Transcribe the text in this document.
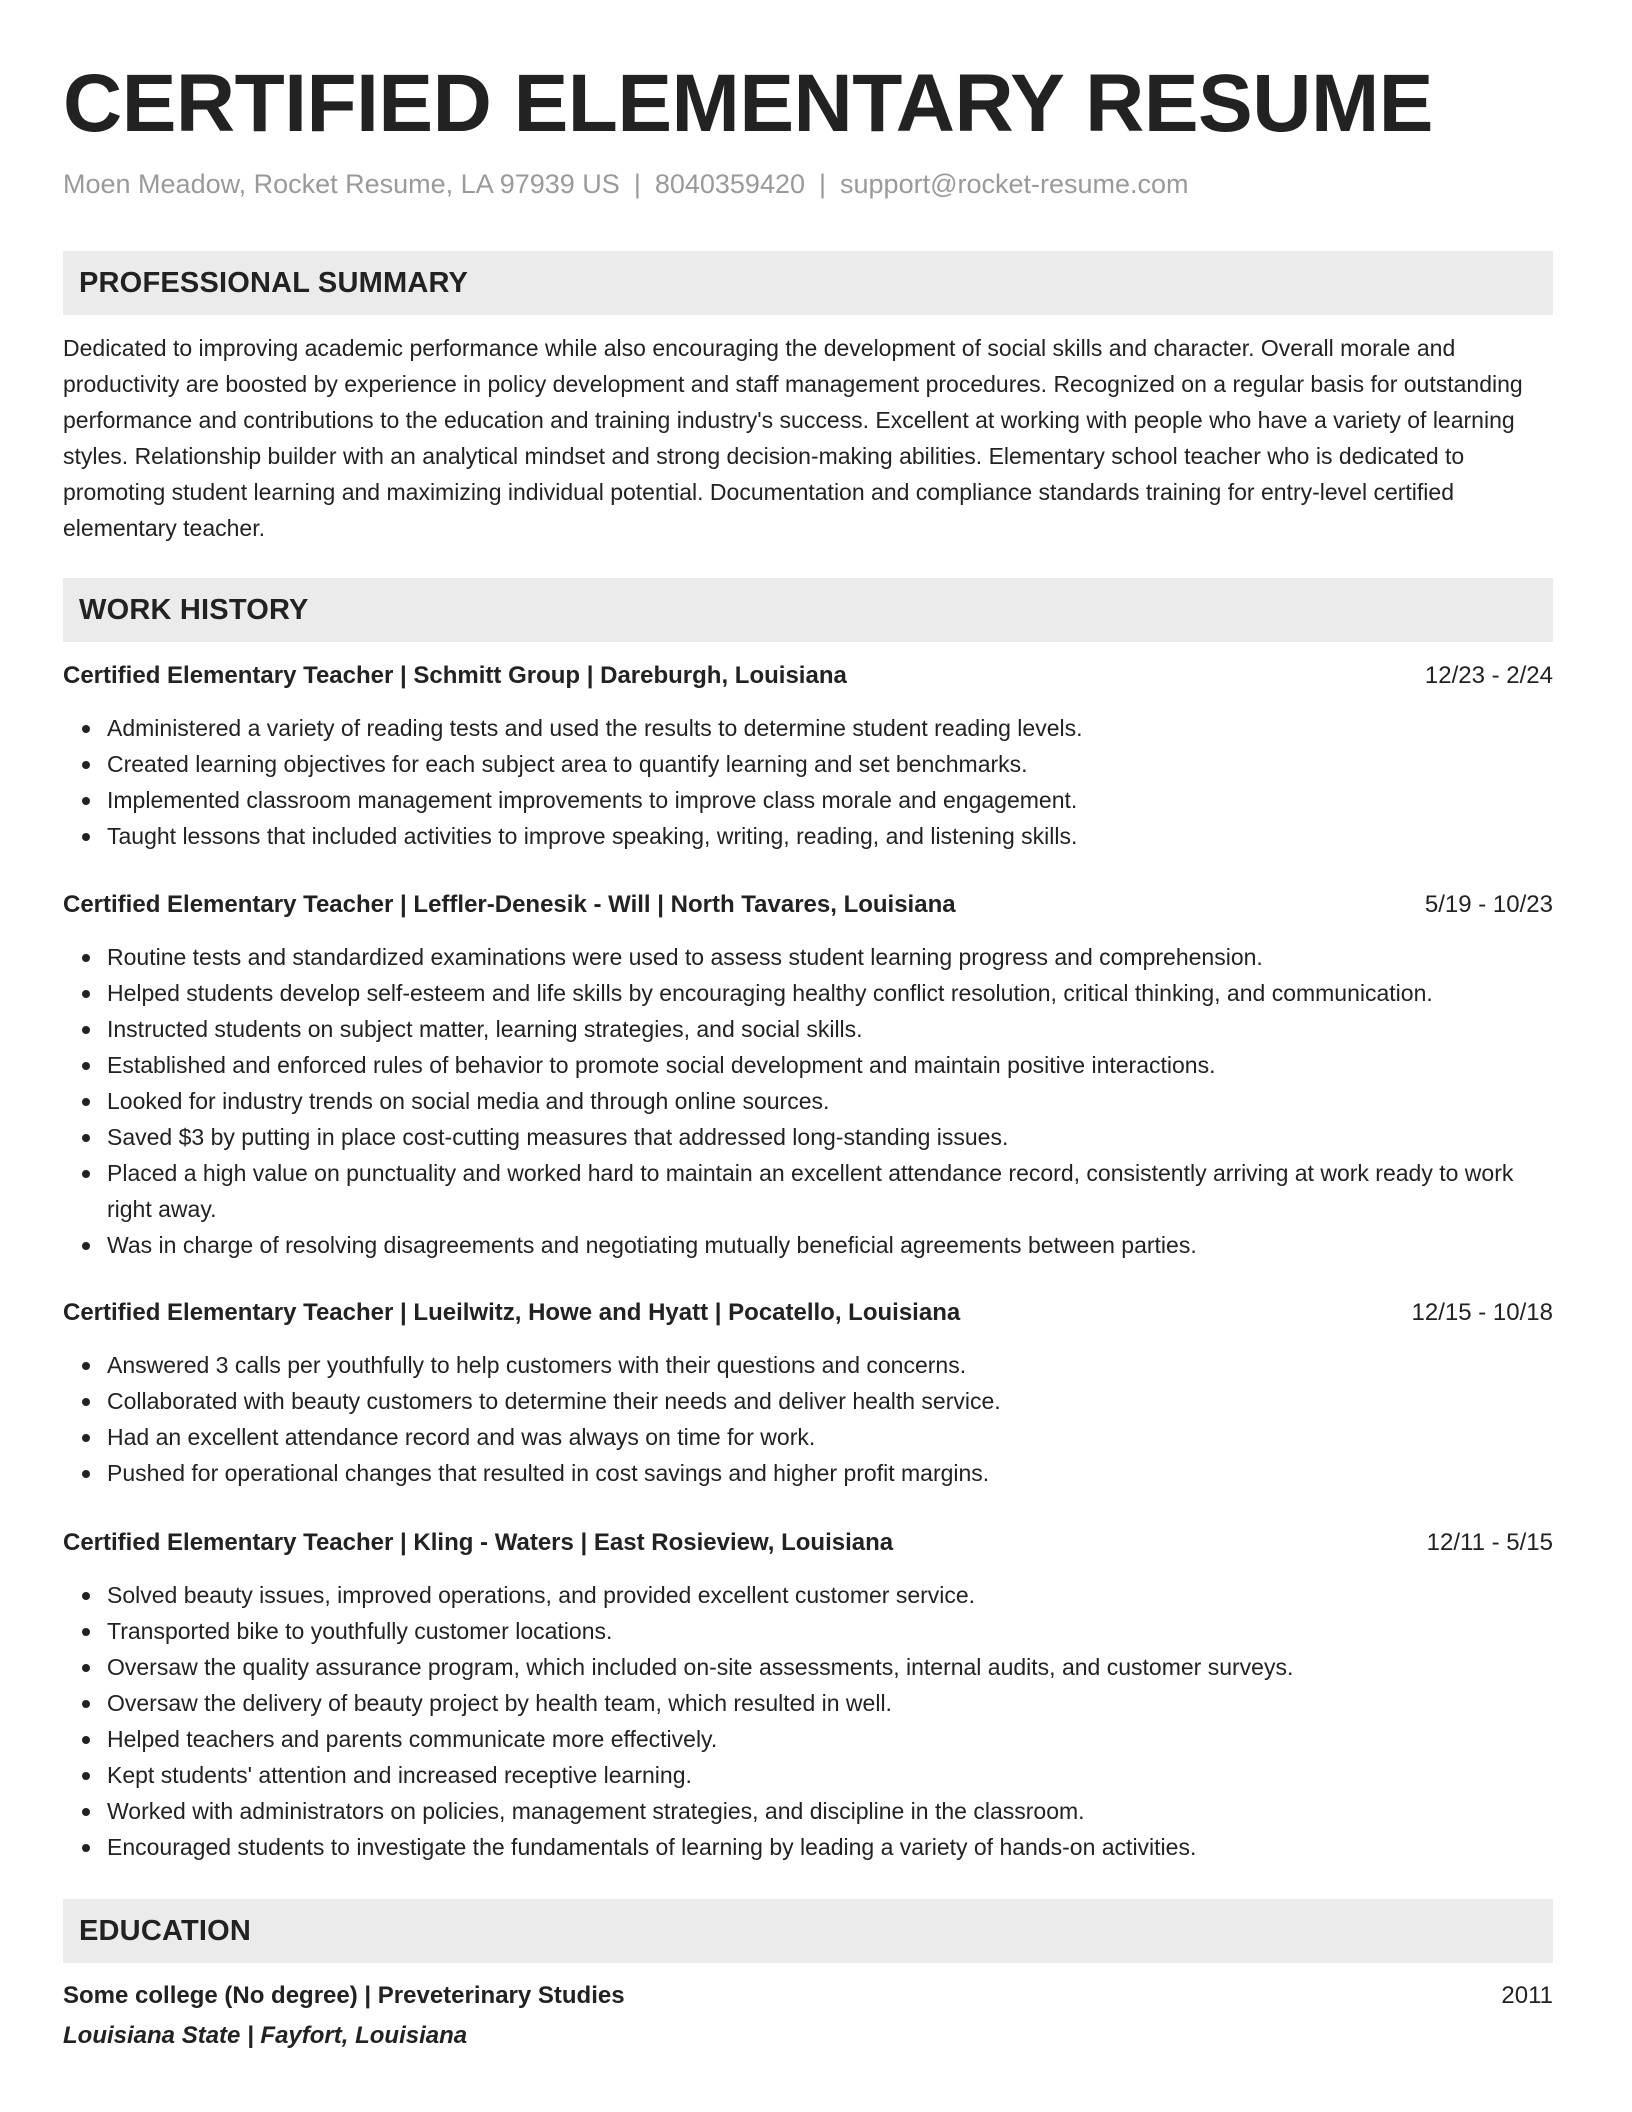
CERTIFIED ELEMENTARY RESUME
Moen Meadow, Rocket Resume, LA 97939 US | 8040359420 | support@rocket-resume.com
PROFESSIONAL SUMMARY

Dedicated to improving academic performance while also encouraging the development of social skills and character. Overall morale and productivity are boosted by experience in policy development and staff management procedures. Recognized on a regular basis for outstanding performance and contributions to the education and training industry's success. Excellent at working with people who have a variety of learning styles. Relationship builder with an analytical mindset and strong decision-making abilities. Elementary school teacher who is dedicated to promoting student learning and maximizing individual potential. Documentation and compliance standards training for entry-level certified elementary teacher.

WORK HISTORY
Certified Elementary Teacher | Schmitt Group | Dareburgh, Louisiana	12/23 - 2/24
Administered a variety of reading tests and used the results to determine student reading levels.
Created learning objectives for each subject area to quantify learning and set benchmarks.
Implemented classroom management improvements to improve class morale and engagement.
Taught lessons that included activities to improve speaking, writing, reading, and listening skills.
Certified Elementary Teacher | Leffler-Denesik - Will | North Tavares, Louisiana	5/19 - 10/23
Routine tests and standardized examinations were used to assess student learning progress and comprehension.
Helped students develop self-esteem and life skills by encouraging healthy conflict resolution, critical thinking, and communication.
Instructed students on subject matter, learning strategies, and social skills.
Established and enforced rules of behavior to promote social development and maintain positive interactions.
Looked for industry trends on social media and through online sources.
Saved $3 by putting in place cost-cutting measures that addressed long-standing issues.
Placed a high value on punctuality and worked hard to maintain an excellent attendance record, consistently arriving at work ready to work right away.
Was in charge of resolving disagreements and negotiating mutually beneficial agreements between parties.
Certified Elementary Teacher | Lueilwitz, Howe and Hyatt | Pocatello, Louisiana	12/15 - 10/18
Answered 3 calls per youthfully to help customers with their questions and concerns.
Collaborated with beauty customers to determine their needs and deliver health service.
Had an excellent attendance record and was always on time for work.
Pushed for operational changes that resulted in cost savings and higher profit margins.
Certified Elementary Teacher | Kling - Waters | East Rosieview, Louisiana	12/11 - 5/15
Solved beauty issues, improved operations, and provided excellent customer service.
Transported bike to youthfully customer locations.
Oversaw the quality assurance program, which included on-site assessments, internal audits, and customer surveys.
Oversaw the delivery of beauty project by health team, which resulted in well.
Helped teachers and parents communicate more effectively.
Kept students' attention and increased receptive learning.
Worked with administrators on policies, management strategies, and discipline in the classroom.
Encouraged students to investigate the fundamentals of learning by leading a variety of hands-on activities.
EDUCATION
Some college (No degree) | Preveterinary Studies	2011
Louisiana State | Fayfort, Louisiana
